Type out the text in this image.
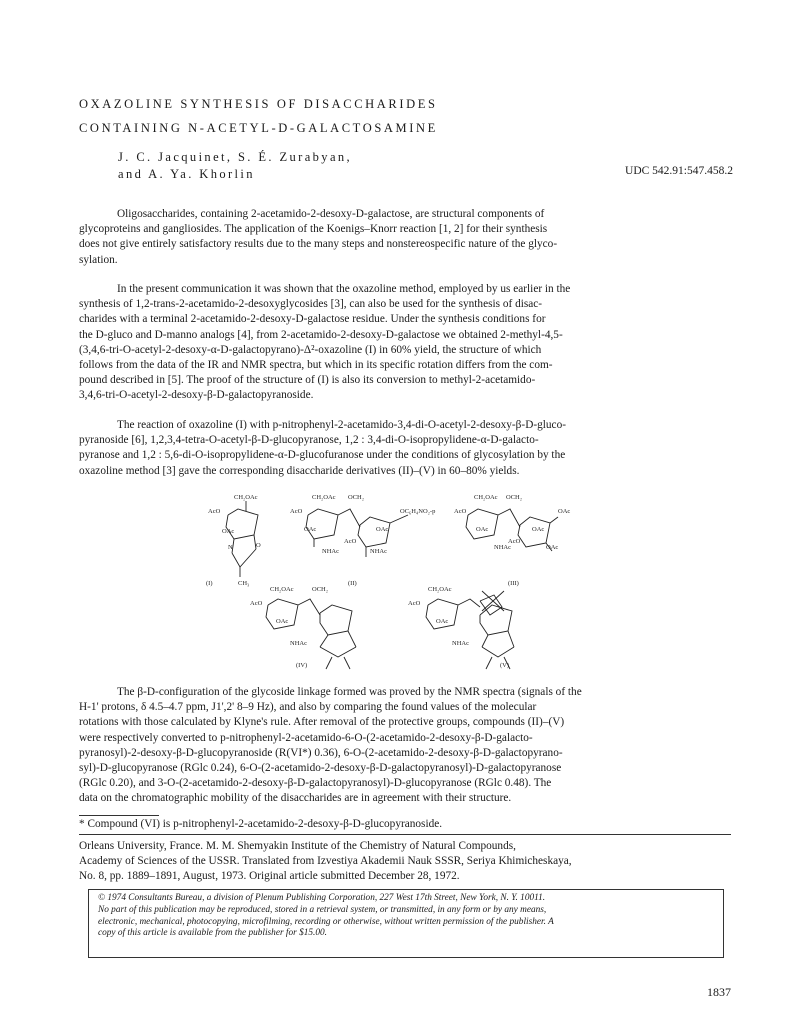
OXAZOLINE SYNTHESIS OF DISACCHARIDES
CONTAINING N-ACETYL-D-GALACTOSAMINE
J. C. Jacquinet, S. É. Zurabyan,
and A. Ya. Khorlin	UDC 542.91:547.458.2
Oligosaccharides, containing 2-acetamido-2-desoxy-D-galactose, are structural components of
glycoproteins and gangliosides. The application of the Koenigs–Knorr reaction [1, 2] for their synthesis
does not give entirely satisfactory results due to the many steps and nonstereospecific nature of the glyco-
sylation.
In the present communication it was shown that the oxazoline method, employed by us earlier in the
synthesis of 1,2-trans-2-acetamido-2-desoxyglycosides [3], can also be used for the synthesis of disac-
charides with a terminal 2-acetamido-2-desoxy-D-galactose residue. Under the synthesis conditions for
the D-gluco and D-manno analogs [4], from 2-acetamido-2-desoxy-D-galactose we obtained 2-methyl-4,5-
(3,4,6-tri-O-acetyl-2-desoxy-α-D-galactopyrano)-Δ²-oxazoline (I) in 60% yield, the structure of which
follows from the data of the IR and NMR spectra, but which in its specific rotation differs from the com-
pound described in [5]. The proof of the structure of (I) is also its conversion to methyl-2-acetamido-
3,4,6-tri-O-acetyl-2-desoxy-β-D-galactopyranoside.
The reaction of oxazoline (I) with p-nitrophenyl-2-acetamido-3,4-di-O-acetyl-2-desoxy-β-D-gluco-
pyranoside [6], 1,2,3,4-tetra-O-acetyl-β-D-glucopyranose, 1,2 : 3,4-di-O-isopropylidene-α-D-galacto-
pyranose and 1,2 : 5,6-di-O-isopropylidene-α-D-glucofuranose under the conditions of glycosylation by the
oxazoline method [3] gave the corresponding disaccharide derivatives (II)–(V) in 60–80% yields.
CH₂OAc
AcO
OAc
N	O
CH₃
(I)
CH₂OAc OCH₂
AcO
OAc	OAc
AcO
OC₆H₄NO₂-p
NHAc	NHAc
(II)
CH₂OAc OCH₂
AcO	OAc
OAc	OAc
AcO
NHAc	OAc
(III)
CH₂OAc	OCH₂
AcO
OAc
NHAc
(IV)
CH₂OAc
AcO
OAc
NHAc
(V)
The β-D-configuration of the glycoside linkage formed was proved by the NMR spectra (signals of the
H-1' protons, δ 4.5–4.7 ppm, J1',2' 8–9 Hz), and also by comparing the found values of the molecular
rotations with those calculated by Klyne's rule. After removal of the protective groups, compounds (II)–(V)
were respectively converted to p-nitrophenyl-2-acetamido-6-O-(2-acetamido-2-desoxy-β-D-galacto-
pyranosyl)-2-desoxy-β-D-glucopyranoside (R(VI*) 0.36), 6-O-(2-acetamido-2-desoxy-β-D-galactopyrano-
syl)-D-glucopyranose (RGlc 0.24), 6-O-(2-acetamido-2-desoxy-β-D-galactopyranosyl)-D-galactopyranose
(RGlc 0.20), and 3-O-(2-acetamido-2-desoxy-β-D-galactopyranosyl)-D-glucopyranose (RGlc 0.48). The
data on the chromatographic mobility of the disaccharides are in agreement with their structure.
* Compound (VI) is p-nitrophenyl-2-acetamido-2-desoxy-β-D-glucopyranoside.
Orleans University, France. M. M. Shemyakin Institute of the Chemistry of Natural Compounds,
Academy of Sciences of the USSR. Translated from Izvestiya Akademii Nauk SSSR, Seriya Khimicheskaya,
No. 8, pp. 1889–1891, August, 1973. Original article submitted December 28, 1972.
© 1974 Consultants Bureau, a division of Plenum Publishing Corporation, 227 West 17th Street, New York, N. Y. 10011.
No part of this publication may be reproduced, stored in a retrieval system, or transmitted, in any form or by any means,
electronic, mechanical, photocopying, microfilming, recording or otherwise, without written permission of the publisher. A
copy of this article is available from the publisher for $15.00.
1837
